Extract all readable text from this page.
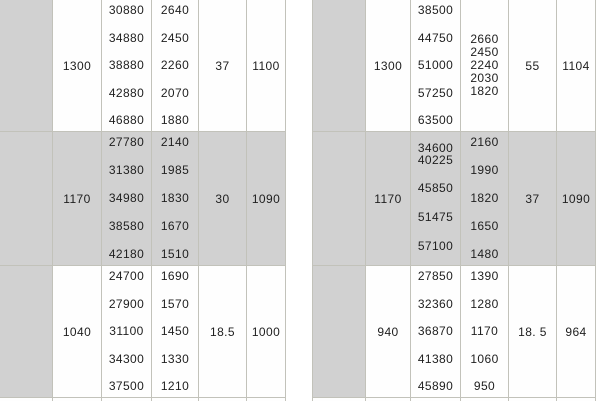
1300
30880
34880
38880
42880
46880
2640
2450
2260
2070
1880
37 1100
1170
27780
31380
34980
38580
42180
2140
1985
1830
1670
1510
30 1090
1040
24700
27900
31100
34300
37500
1690
1570
1450
1330
1210
18.5 1000
1300
38500
44750
51000
57250
63500
2660
2450
2240
2030
1820
55 1104
1170
34600
40225
45850
51475
57100
2160
1990
1820
1650
1480
37 1090
940
27850
32360
36870
41380
45890
1390
1280
1170
1060
950
18. 5 964
